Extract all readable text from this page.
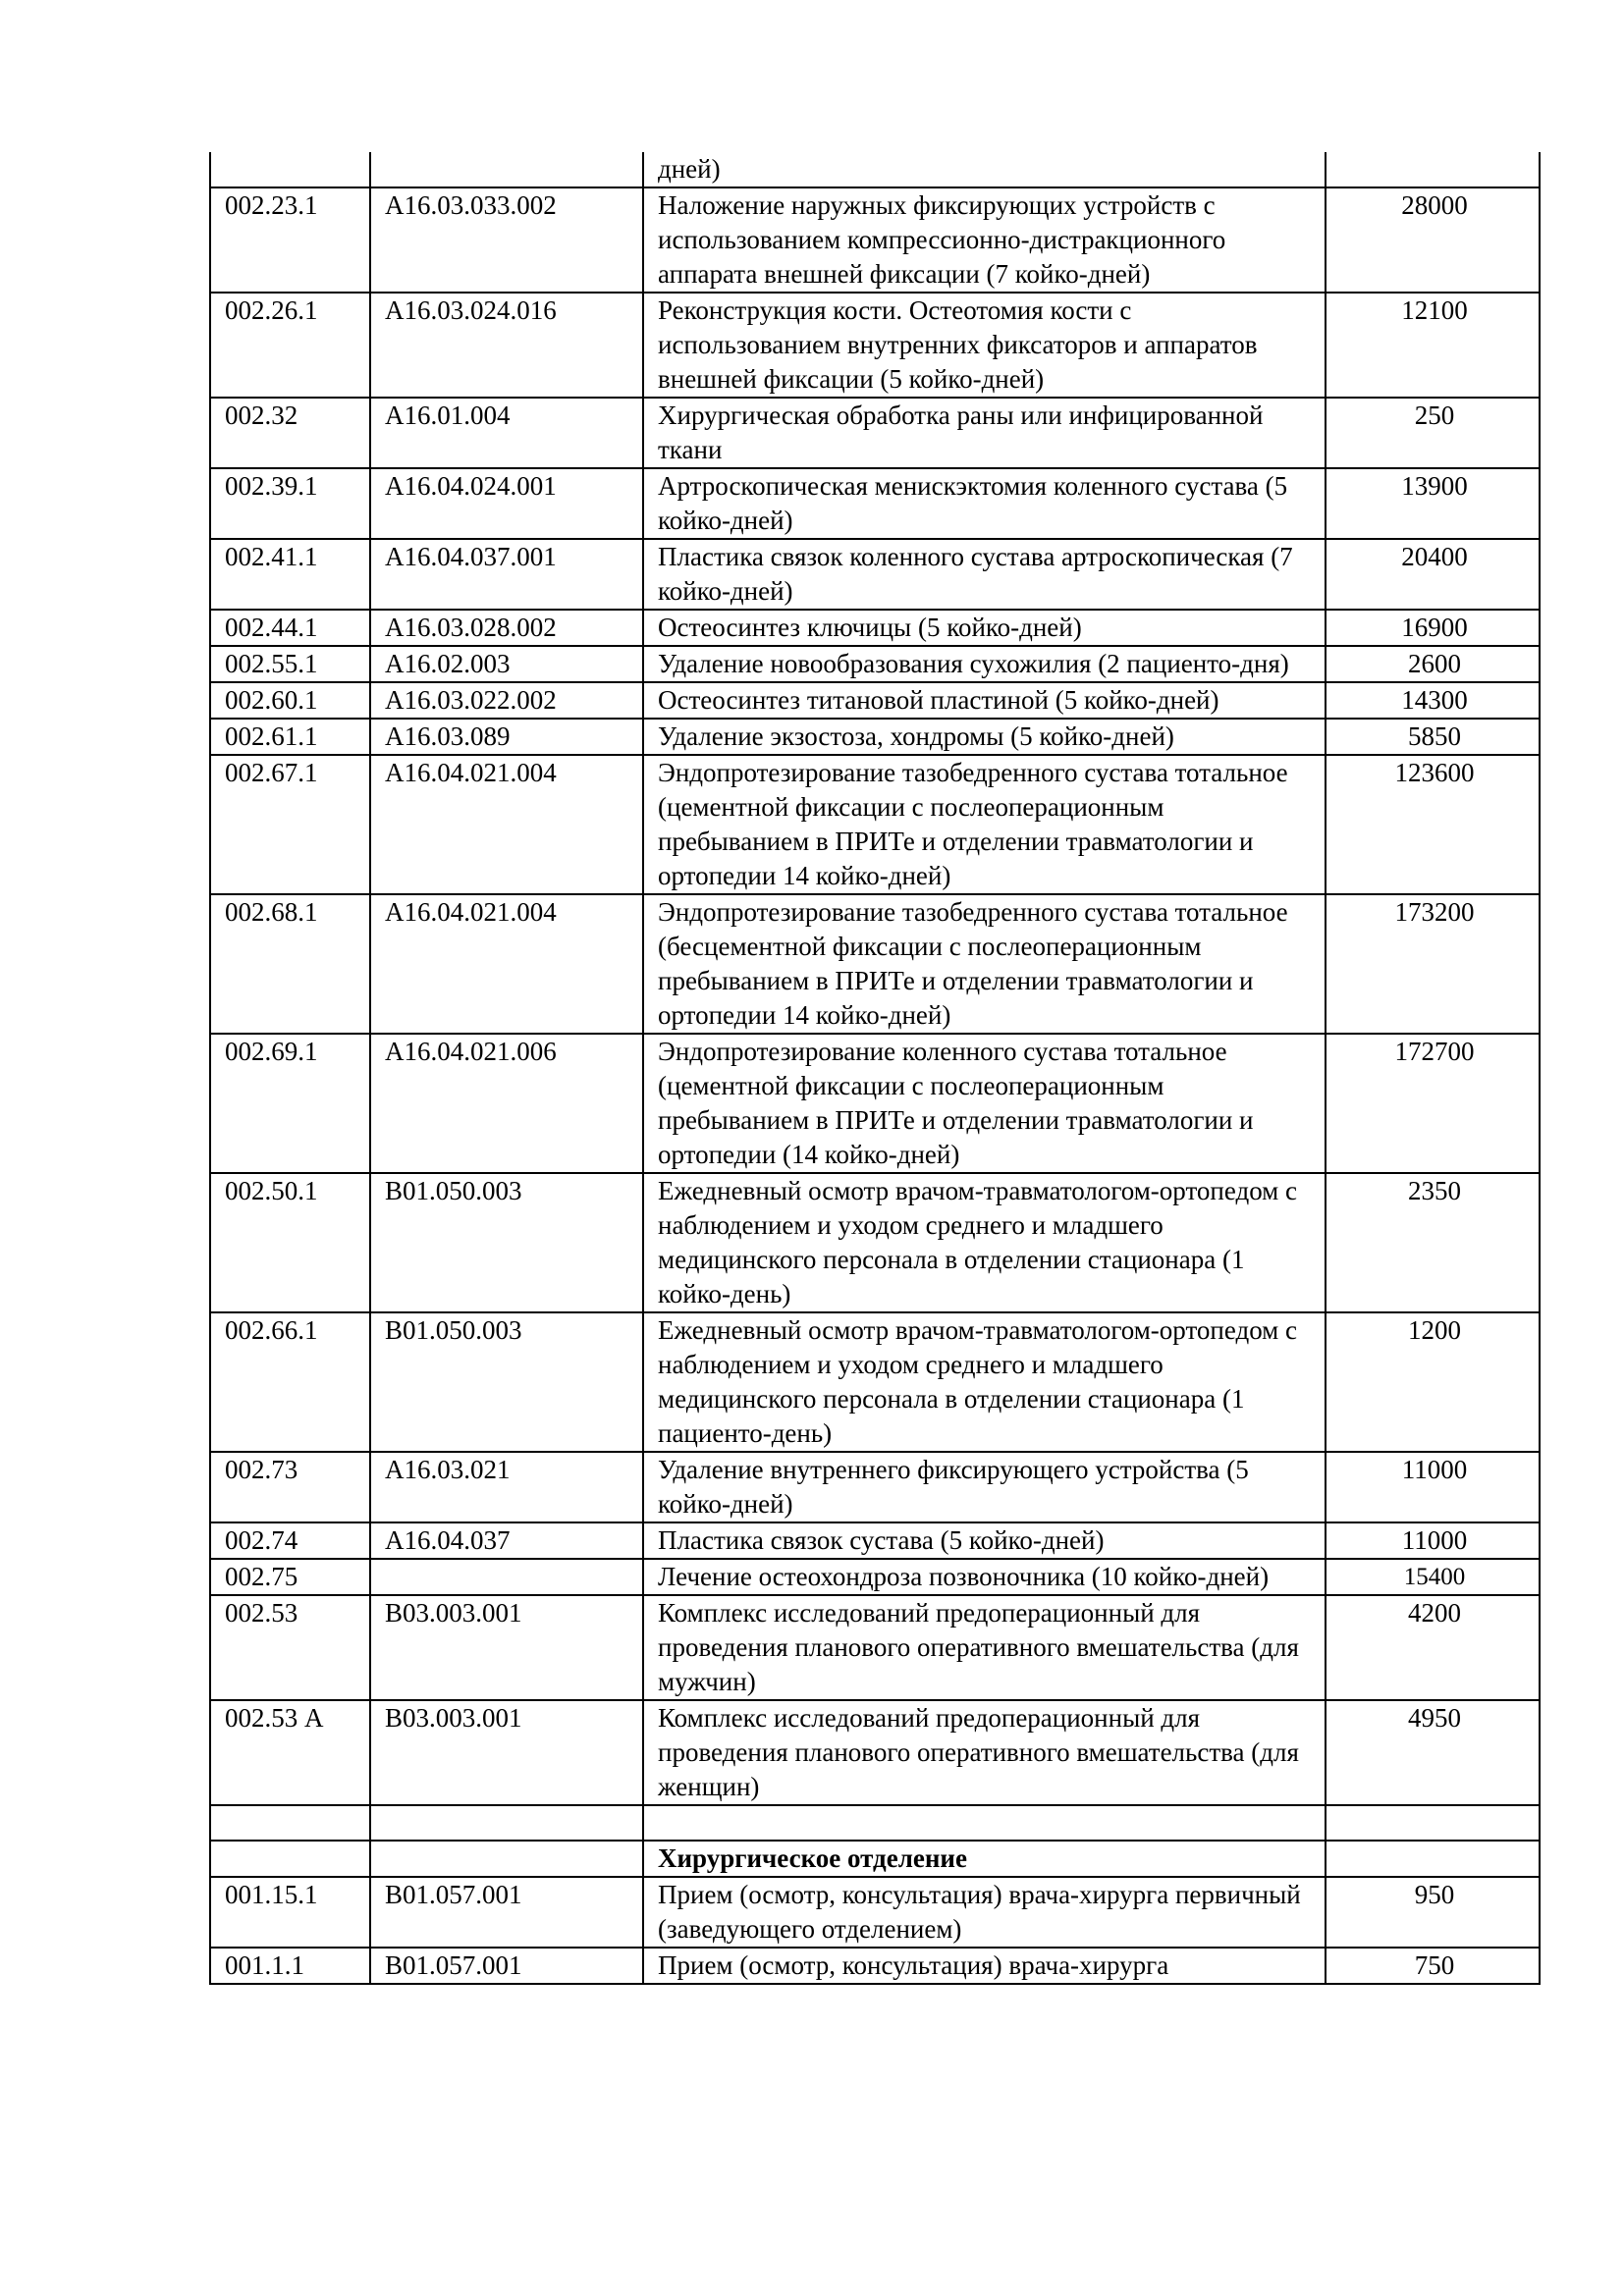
		дней)	
002.23.1	A16.03.033.002	Наложение наружных фиксирующих устройств с использованием компрессионно-дистракционного аппарата внешней фиксации (7 койко-дней)	28000
002.26.1	A16.03.024.016	Реконструкция кости. Остеотомия кости с использованием внутренних фиксаторов и аппаратов внешней фиксации (5 койко-дней)	12100
002.32	A16.01.004	Хирургическая обработка раны или инфицированной ткани	250
002.39.1	A16.04.024.001	Артроскопическая менискэктомия коленного сустава (5 койко-дней)	13900
002.41.1	A16.04.037.001	Пластика связок коленного сустава артроскопическая (7 койко-дней)	20400
002.44.1	A16.03.028.002	Остеосинтез ключицы (5 койко-дней)	16900
002.55.1	A16.02.003	Удаление новообразования сухожилия (2 пациенто-дня)	2600
002.60.1	A16.03.022.002	Остеосинтез титановой пластиной (5 койко-дней)	14300
002.61.1	A16.03.089	Удаление экзостоза, хондромы (5 койко-дней)	5850
002.67.1	A16.04.021.004	Эндопротезирование тазобедренного сустава тотальное (цементной фиксации с послеоперационным пребыванием в ПРИТе и отделении травматологии и ортопедии 14 койко-дней)	123600
002.68.1	A16.04.021.004	Эндопротезирование тазобедренного сустава тотальное (бесцементной фиксации с послеоперационным пребыванием в ПРИТе и отделении травматологии и ортопедии 14 койко-дней)	173200
002.69.1	A16.04.021.006	Эндопротезирование коленного сустава тотальное (цементной фиксации с послеоперационным пребыванием в ПРИТе и отделении травматологии и ортопедии (14 койко-дней)	172700
002.50.1	B01.050.003	Ежедневный осмотр врачом-травматологом-ортопедом с наблюдением и уходом среднего и младшего медицинского персонала в отделении стационара (1 койко-день)	2350
002.66.1	B01.050.003	Ежедневный осмотр врачом-травматологом-ортопедом с наблюдением и уходом среднего и младшего медицинского персонала в отделении стационара (1 пациенто-день)	1200
002.73	A16.03.021	Удаление внутреннего фиксирующего устройства (5 койко-дней)	11000
002.74	A16.04.037	Пластика связок сустава (5 койко-дней)	11000
002.75		Лечение остеохондроза позвоночника (10 койко-дней)	15400
002.53	B03.003.001	Комплекс исследований предоперационный для проведения планового оперативного вмешательства (для мужчин)	4200
002.53 А	B03.003.001	Комплекс исследований предоперационный для проведения планового оперативного вмешательства (для женщин)	4950

		Хирургическое отделение	
001.15.1	B01.057.001	Прием (осмотр, консультация) врача-хирурга первичный (заведующего отделением)	950
001.1.1	B01.057.001	Прием (осмотр, консультация) врача-хирурга	750
